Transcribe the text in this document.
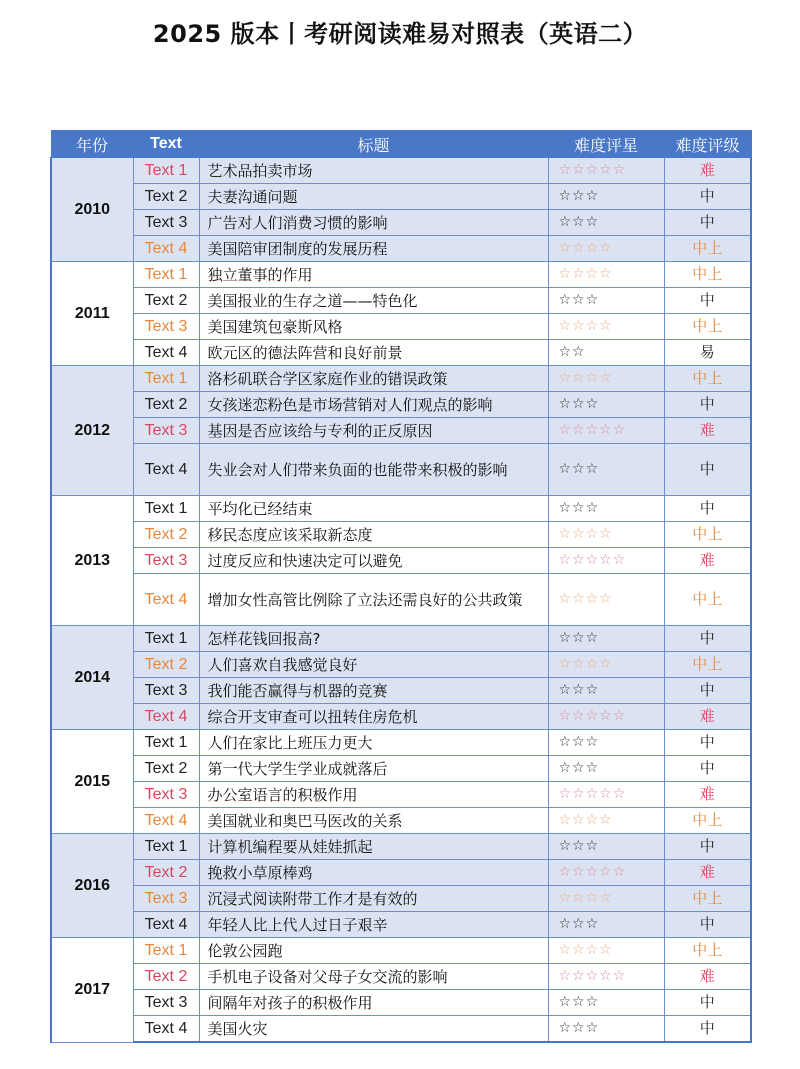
2025 版本丨考研阅读难易对照表（英语二）
年份	Text	标题	难度评星	难度评级
2010	Text 1	艺术品拍卖市场	☆☆☆☆☆	难
	Text 2	夫妻沟通问题	☆☆☆	中
	Text 3	广告对人们消费习惯的影响	☆☆☆	中
	Text 4	美国陪审团制度的发展历程	☆☆☆☆	中上
2011	Text 1	独立董事的作用	☆☆☆☆	中上
	Text 2	美国报业的生存之道——特色化	☆☆☆	中
	Text 3	美国建筑包豪斯风格	☆☆☆☆	中上
	Text 4	欧元区的德法阵营和良好前景	☆☆	易
2012	Text 1	洛杉矶联合学区家庭作业的错误政策	☆☆☆☆	中上
	Text 2	女孩迷恋粉色是市场营销对人们观点的影响	☆☆☆	中
	Text 3	基因是否应该给与专利的正反原因	☆☆☆☆☆	难
	Text 4	失业会对人们带来负面的也能带来积极的影响	☆☆☆	中
2013	Text 1	平均化已经结束	☆☆☆	中
	Text 2	移民态度应该采取新态度	☆☆☆☆	中上
	Text 3	过度反应和快速决定可以避免	☆☆☆☆☆	难
	Text 4	增加女性高管比例除了立法还需良好的公共政策	☆☆☆☆	中上
2014	Text 1	怎样花钱回报高?	☆☆☆	中
	Text 2	人们喜欢自我感觉良好	☆☆☆☆	中上
	Text 3	我们能否赢得与机器的竞赛	☆☆☆	中
	Text 4	综合开支审查可以扭转住房危机	☆☆☆☆☆	难
2015	Text 1	人们在家比上班压力更大	☆☆☆	中
	Text 2	第一代大学生学业成就落后	☆☆☆	中
	Text 3	办公室语言的积极作用	☆☆☆☆☆	难
	Text 4	美国就业和奥巴马医改的关系	☆☆☆☆	中上
2016	Text 1	计算机编程要从娃娃抓起	☆☆☆	中
	Text 2	挽救小草原棒鸡	☆☆☆☆☆	难
	Text 3	沉浸式阅读附带工作才是有效的	☆☆☆☆	中上
	Text 4	年轻人比上代人过日子艰辛	☆☆☆	中
2017	Text 1	伦敦公园跑	☆☆☆☆	中上
	Text 2	手机电子设备对父母子女交流的影响	☆☆☆☆☆	难
	Text 3	间隔年对孩子的积极作用	☆☆☆	中
	Text 4	美国火灾	☆☆☆	中
